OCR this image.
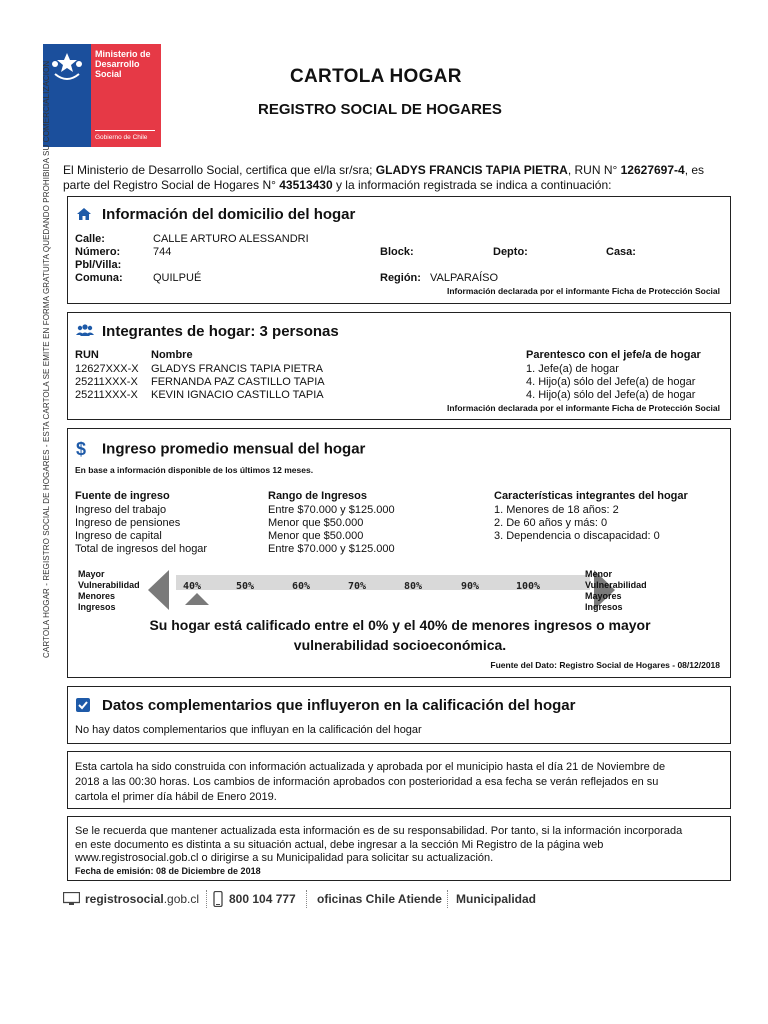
Ministerio de Desarrollo Social
Gobierno de Chile
CARTOLA HOGAR - REGISTRO SOCIAL DE HOGARES - ESTA CARTOLA SE EMITE EN FORMA GRATUITA QUEDANDO PROHIBIDA SU COMERCIALIZACION	CARTOLA HOGAR
REGISTRO SOCIAL DE HOGARES
El Ministerio de Desarrollo Social, certifica que el/la sr/sra; GLADYS FRANCIS TAPIA PIETRA, RUN N° 12627697-4, es parte del Registro Social de Hogares N° 43513430 y la información registrada se indica a continuación:
Información del domicilio del hogar
Calle:	CALLE ARTURO ALESSANDRI
Número:	744	Block:	Depto:	Casa:
Pbl/Villa:
Comuna:	QUILPUÉ	Región: VALPARAÍSO
Información declarada por el informante Ficha de Protección Social
Integrantes de hogar: 3 personas
RUN	Nombre	Parentesco con el jefe/a de hogar
12627XXX-X GLADYS FRANCIS TAPIA PIETRA	1. Jefe(a) de hogar
25211XXX-X FERNANDA PAZ CASTILLO TAPIA	4. Hijo(a) sólo del Jefe(a) de hogar
25211XXX-X KEVIN IGNACIO CASTILLO TAPIA	4. Hijo(a) sólo del Jefe(a) de hogar
Información declarada por el informante Ficha de Protección Social
$ Ingreso promedio mensual del hogar
En base a información disponible de los últimos 12 meses.
Fuente de ingreso	Rango de Ingresos	Características integrantes del hogar
Ingreso del trabajo	Entre $70.000 y $125.000	1. Menores de 18 años: 2
Ingreso de pensiones	Menor que $50.000	2. De 60 años y más: 0
Ingreso de capital	Menor que $50.000	3. Dependencia o discapacidad: 0
Total de ingresos del hogar	Entre $70.000 y $125.000
Mayor
Vulnerabilidad
Menores
Ingresos
Menor
Vulnerabilidad
Mayores
Ingresos
40%	50%	60%	70%	80%	90%	100%
Su hogar está calificado entre el 0% y el 40% de menores ingresos o mayor
vulnerabilidad socioeconómica.
Fuente del Dato: Registro Social de Hogares - 08/12/2018
Datos complementarios que influyeron en la calificación del hogar
No hay datos complementarios que influyan en la calificación del hogar
Esta cartola ha sido construida con información actualizada y aprobada por el municipio hasta el día 21 de Noviembre de
2018 a las 00:30 horas. Los cambios de información aprobados con posterioridad a esa fecha se verán reflejados en su
cartola el primer día hábil de Enero 2019.
Se le recuerda que mantener actualizada esta información es de su responsabilidad. Por tanto, si la información incorporada
en este documento es distinta a su situación actual, debe ingresar a la sección Mi Registro de la página web
www.registrosocial.gob.cl o dirigirse a su Municipalidad para solicitar su actualización.
Fecha de emisión: 08 de Diciembre de 2018
registrosocial.gob.cl 800 104 777 oficinas Chile Atiende Municipalidad
